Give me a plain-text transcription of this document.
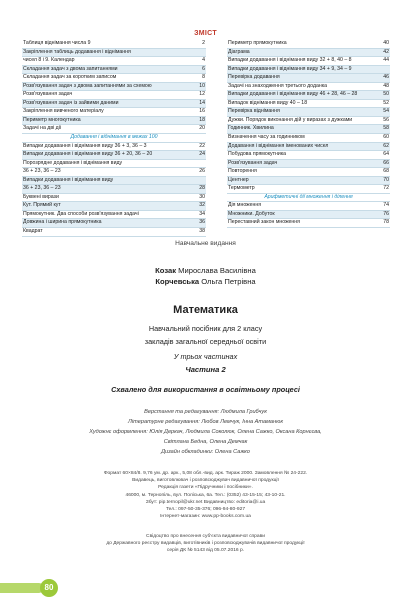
ЗМІСТ
Таблиця віднімання числа 9	2
Закріплення таблиць додавання і віднімання
чисел 8 і 9. Календар	4
Складання задач з двома запитаннями	6
Складання задач за коротким записом	8
Розв'язування задач з двома запитаннями за схемою	10
Розв'язування задач	12
Розв'язування задач із зайвими даними	14
Закріплення вивченого матеріалу	16
Периметр многокутника	18
Задачі на дві дії	20
Додавання і віднімання в межах 100
Випадки додавання і віднімання виду 36 + 3, 36 – 3	22
Випадки додавання і віднімання виду 36 + 20, 36 – 20	24
Порозрядне додавання і віднімання виду
36 + 23, 36 – 23	26
Випадки додавання і віднімання виду
36 + 23, 36 – 23	28
Буквені вирази	30
Кут. Прямий кут	32
Прямокутник. Два способи розв'язування задачі	34
Довжина і ширина прямокутника	36
Квадрат	38
Периметр прямокутника	40
Діаграма	42
Випадки додавання і віднімання виду 32 + 8, 40 – 8	44
Випадки додавання і віднімання виду 34 + 9, 34 – 9
Перевірка додавання	46
Задачі на знаходження третього доданка	48
Випадки додавання і віднімання виду 46 + 28, 46 – 28	50
Випадок віднімання виду 40 – 18	52
Перевірка віднімання	54
Дужки. Порядок виконання дій у виразах з дужками	56
Годинник. Хвилина	58
Визначення часу за годинником	60
Додавання і віднімання іменованих чисел	62
Побудова прямокутника	64
Розв'язування задач	66
Повторення	68
Центнер	70
Термометр	72
Арифметичні дії множення і ділення
Дія множення	74
Множники. Добуток	76
Переставний закон множення	78
Навчальне видання
Козак Мирослава Василівна
Корчевська Ольга Петрівна
Математика
Навчальний посібник для 2 класу
закладів загальної середньої освіти
У трьох частинах
Частина 2
Схвалено для використання в освітньому процесі
Верстання та редагування: Людмила Грибчук
Літературне редагування: Любов Лемчук, Інна Атаманюк
Художнє оформлення: Юлія Деркач, Людмила Соколюк, Олена Сажко, Оксана Корнєєва,
Світлана Бедна, Олена Демчак
Дизайн обкладинки: Олена Сажко
Формат 60×84/8. 9,76 ум. др. арк., 5,08 обл.-вид. арк. Тираж 2000. Замовлення № 24-222.
Видавець, виготовлювач і розповсюджувач видавничої продукції
Редакція газети «Підручники і посібники».
46000, м. Тернопіль, вул. Поліська, 6а. Тел.: (0352) 43-15-15; 43-10-21.
Збут: pip.ternopil@ukr.net Видавництво: editoria@i.ua
Тел.: 097-50-35-376; 096-94-80-927
Інтернет-магазин: www.pp-books.com.ua
Свідоцтво про внесення суб'єкта видавничої справи
до Державного реєстру видавців, виготівників і розповсюджувачів видавничої продукції
серія ДК № 5143 від 05.07.2016 р.
80
